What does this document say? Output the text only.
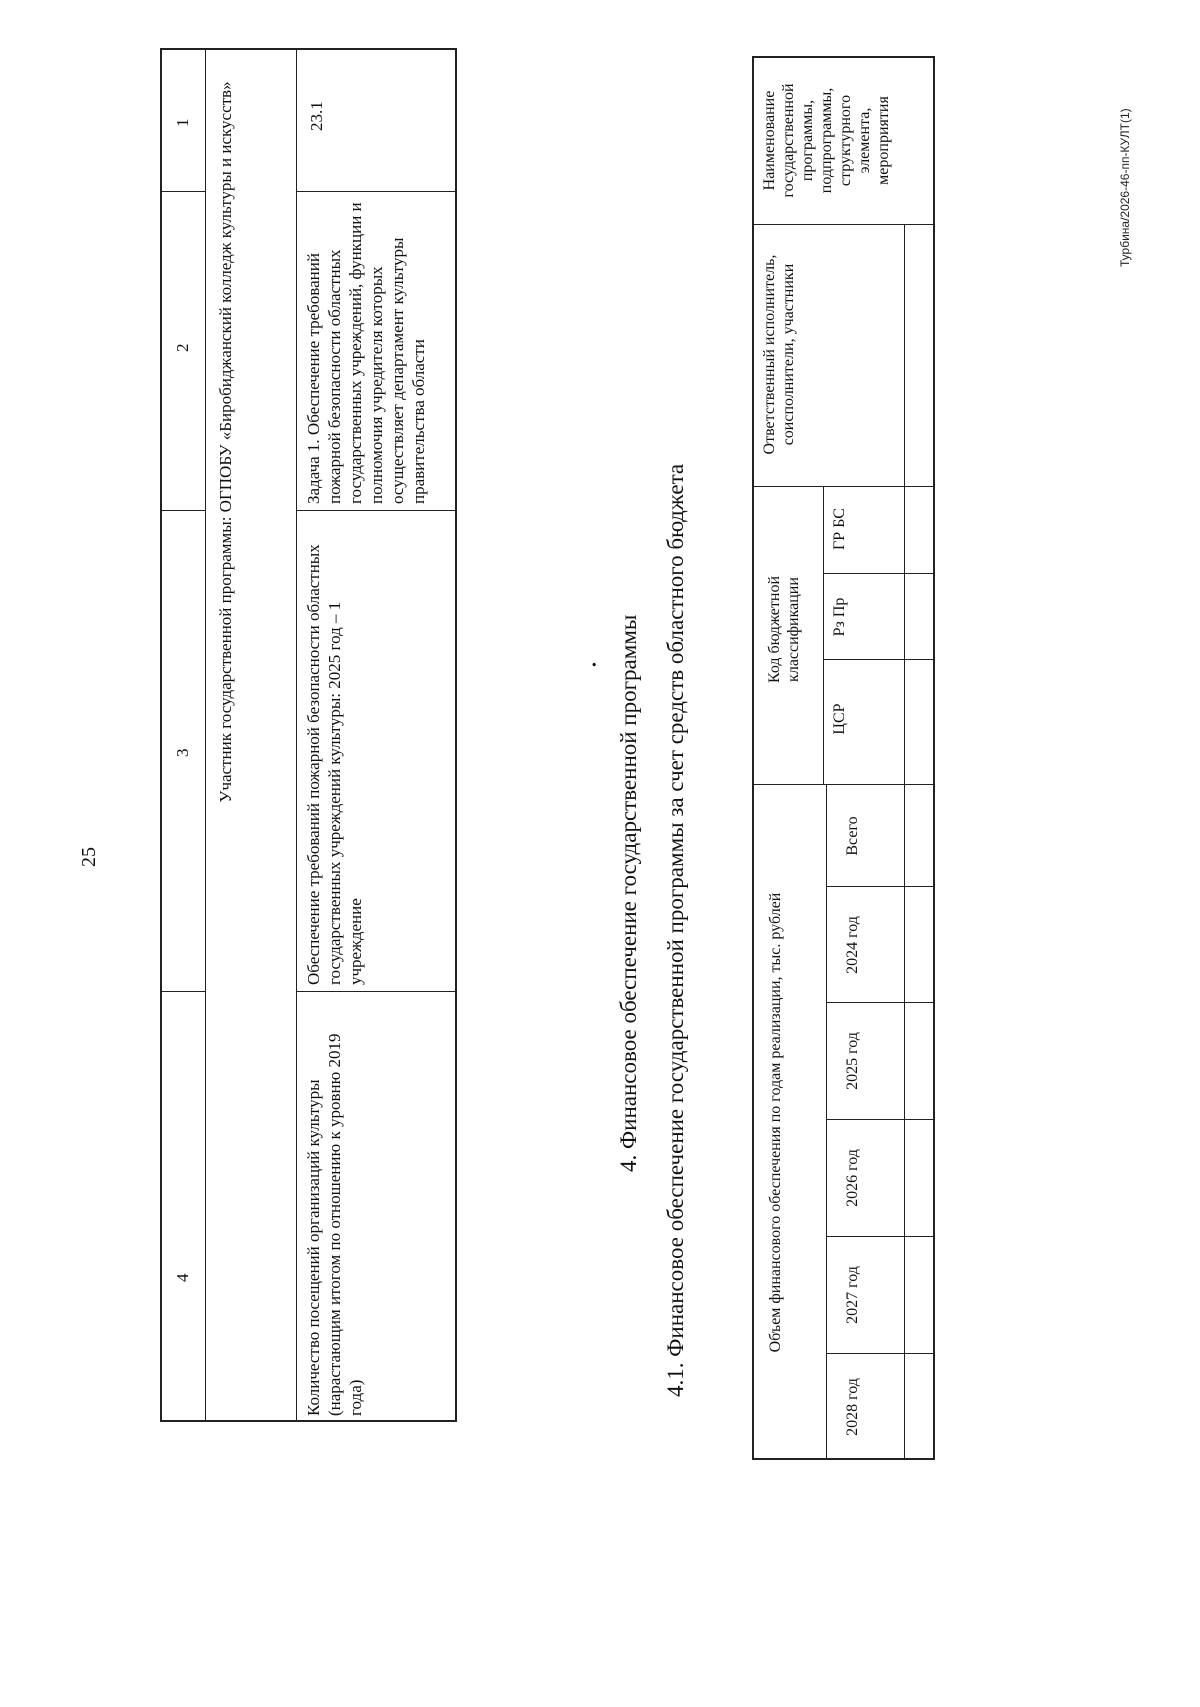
25
1
2
3
4
Участник государственной программы: ОГПОБУ «Биробиджанский колледж культуры и искусств»	23.1
Задача 1. Обеспечение требований пожарной безопасности областных государственных учреждений, функции и полномочия учредителя которых осуществляет департамент культуры правительства области
Обеспечение требований пожарной безопасности областных государственных учреждений культуры: 2025 год – 1 учреждение
Количество посещений организаций культуры (нарастающим итогом по отношению к уровню 2019 года)
• 4. Финансовое обеспечение государственной программы 4.1. Финансовое обеспечение государственной программы за счет средств областного бюджета
Наименование государственной программы, подпрограммы, структурного элемента, мероприятия
Ответственный исполнитель, соисполнители, участники
Код бюджетной классификации
ГР БС
Рз Пр
ЦСР
Объем финансового обеспечения по годам реализации, тыс. рублей
Всего
2024 год
2025 год
2026 год
2027 год
2028 год
Турбина/2026-46-пп-КУЛТ(1)
